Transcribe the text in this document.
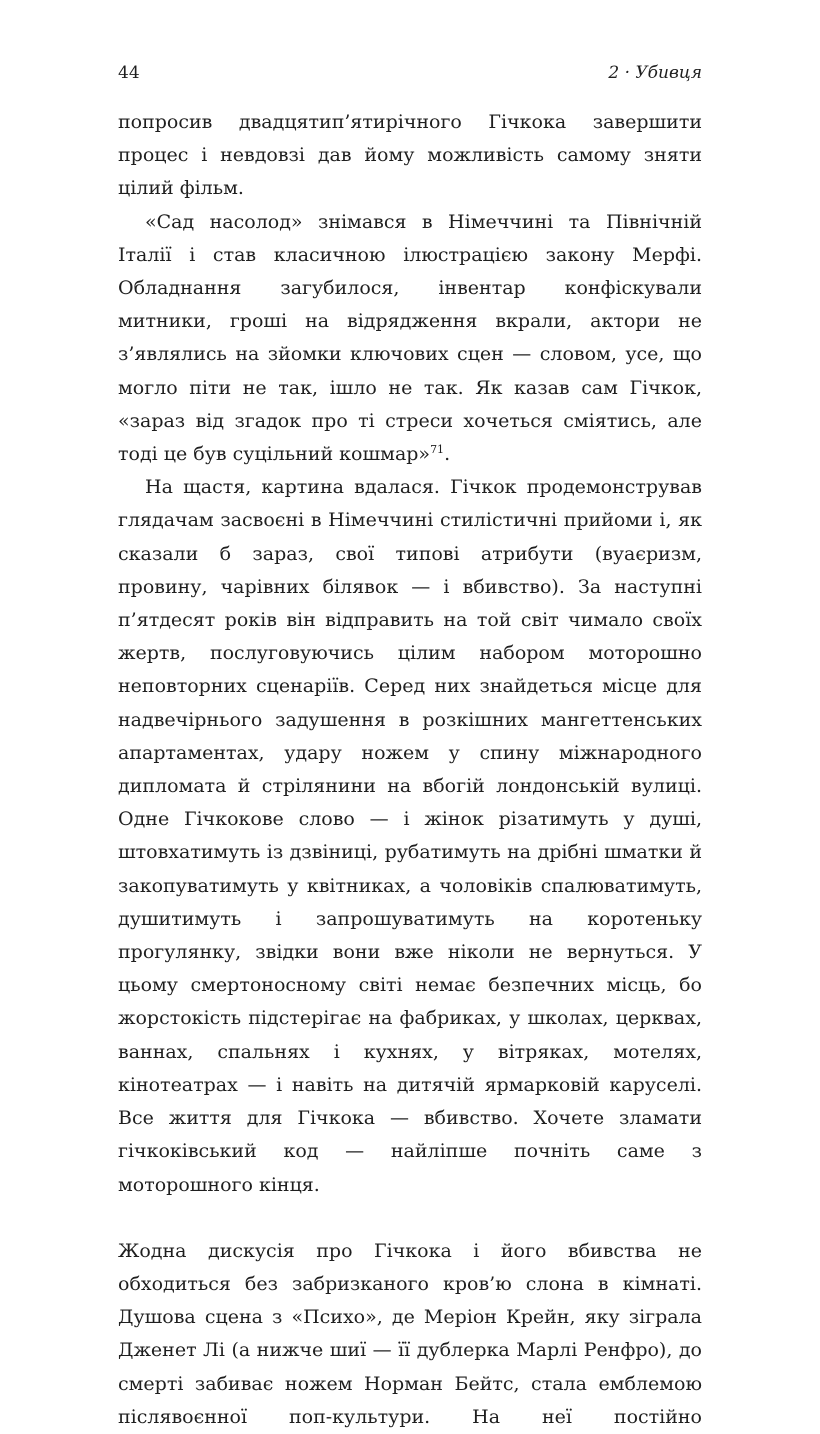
44	2 · Убивця

попросив двадцятип’ятирічного Гічкока завершити процес і невдовзі дав йому можливість самому зняти цілий фільм.

«Сад насолод» знімався в Німеччині та Північній Італії і став класичною ілюстрацією закону Мерфі. Обладнання загубилося, інвентар конфіскували митники, гроші на відрядження вкрали, актори не з’являлись на зйомки ключових сцен — словом, усе, що могло піти не так, ішло не так. Як казав сам Гічкок, «зараз від згадок про ті стреси хочеться сміятись, але тоді це був суцільний кошмар»$^{71}$.

На щастя, картина вдалася. Гічкок продемонстрував глядачам засвоєні в Німеччині стилістичні прийоми і, як сказали б зараз, свої типові атрибути (вуаєризм, провину, чарівних білявок — і вбивство). За наступні п’ятдесят років він відправить на той світ чимало своїх жертв, послуговуючись цілим набором моторошно неповторних сценаріїв. Серед них знайдеться місце для надвечірнього задушення в розкішних мангеттенських апартаментах, удару ножем у спину міжнародного дипломата й стрілянини на вбогій лондонській вулиці. Одне Гічкокове слово — і жінок різатимуть у душі, штовхатимуть із дзвіниці, рубатимуть на дрібні шматки й закопуватимуть у квітниках, а чоловіків спалюватимуть, душитимуть і запрошуватимуть на коротеньку прогулянку, звідки вони вже ніколи не вернуться. У цьому смертоносному світі немає безпечних місць, бо жорстокість підстерігає на фабриках, у школах, церквах, ваннах, спальнях і кухнях, у вітряках, мотелях, кінотеатрах — і навіть на дитячій ярмарковій каруселі. Все життя для Гічкока — вбивство. Хочете зламати гічкоківський код — найліпше почніть саме з моторошного кінця.

Жодна дискусія про Гічкока і його вбивства не обходиться без забризканого кров’ю слона в кімнаті. Душова сцена з «Психо», де Меріон Крейн, яку зіграла Дженет Лі (а нижче шиї — її дублерка Марлі Ренфро), до смерті забиває ножем Норман Бейтс, стала емблемою післявоєнної поп-культури. На неї постійно
